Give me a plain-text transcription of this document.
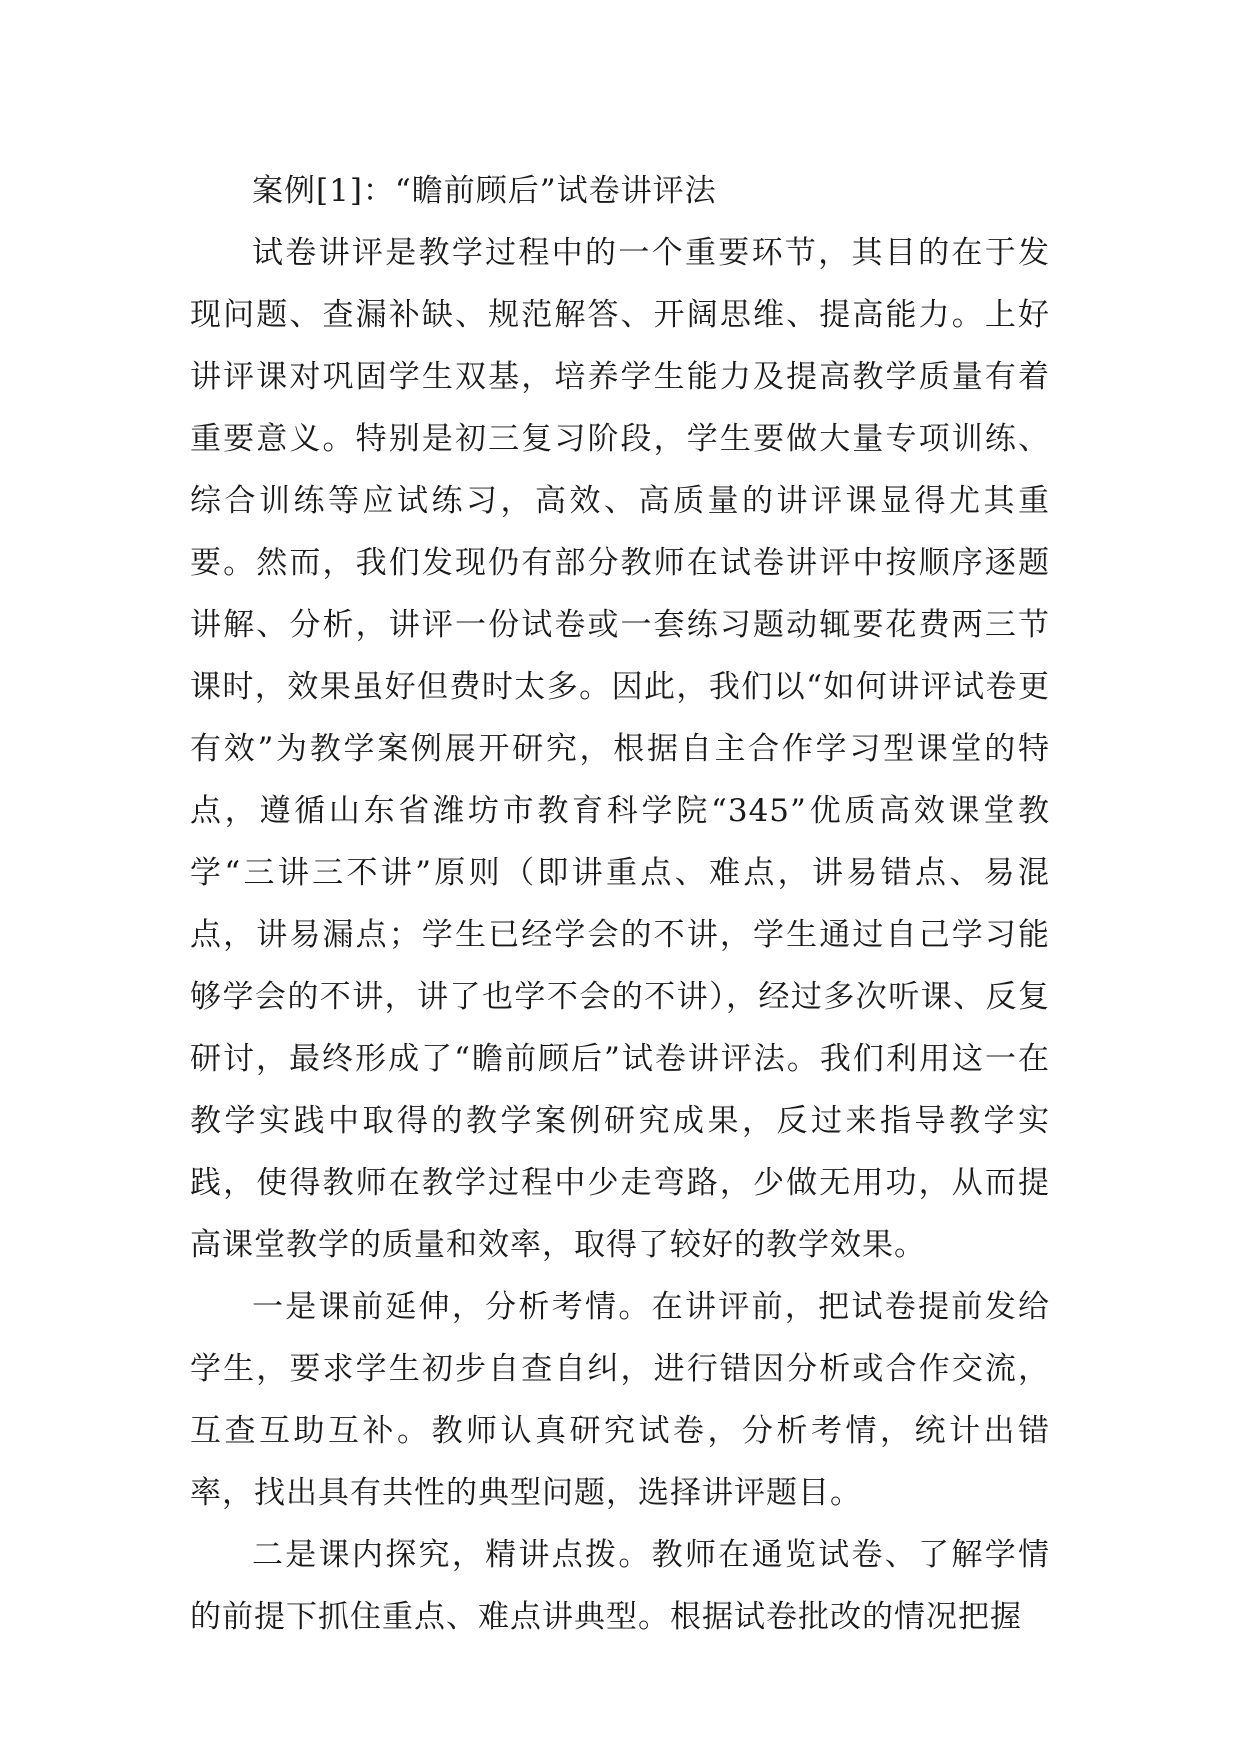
案例[1]：“瞻前顾后”试卷讲评法

试卷讲评是教学过程中的一个重要环节，其目的在于发现问题、查漏补缺、规范解答、开阔思维、提高能力。上好讲评课对巩固学生双基，培养学生能力及提高教学质量有着重要意义。特别是初三复习阶段，学生要做大量专项训练、综合训练等应试练习，高效、高质量的讲评课显得尤其重要。然而，我们发现仍有部分教师在试卷讲评中按顺序逐题讲解、分析，讲评一份试卷或一套练习题动辄要花费两三节课时，效果虽好但费时太多。因此，我们以“如何讲评试卷更有效”为教学案例展开研究，根据自主合作学习型课堂的特点，遵循山东省潍坊市教育科学院“345”优质高效课堂教学“三讲三不讲”原则（即讲重点、难点，讲易错点、易混点，讲易漏点；学生已经学会的不讲，学生通过自己学习能够学会的不讲，讲了也学不会的不讲），经过多次听课、反复研讨，最终形成了“瞻前顾后”试卷讲评法。我们利用这一在教学实践中取得的教学案例研究成果，反过来指导教学实践，使得教师在教学过程中少走弯路，少做无用功，从而提高课堂教学的质量和效率，取得了较好的教学效果。

一是课前延伸，分析考情。在讲评前，把试卷提前发给学生，要求学生初步自查自纠，进行错因分析或合作交流，互查互助互补。教师认真研究试卷，分析考情，统计出错率，找出具有共性的典型问题，选择讲评题目。

二是课内探究，精讲点拨。教师在通览试卷、了解学情的前提下抓住重点、难点讲典型。根据试卷批改的情况把握
